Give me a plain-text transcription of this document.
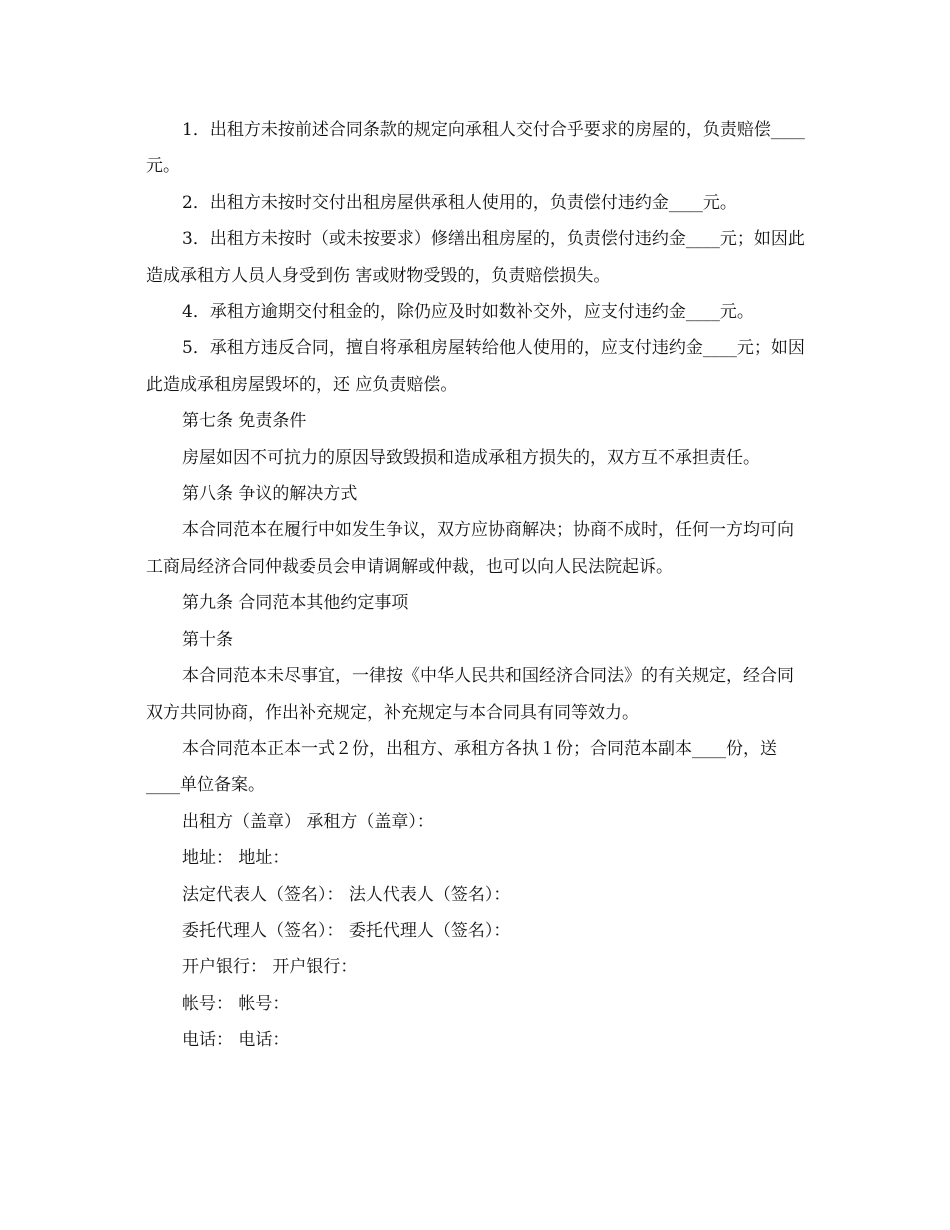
1．出租方未按前述合同条款的规定向承租人交付合乎要求的房屋的，负责赔偿____元。

2．出租方未按时交付出租房屋供承租人使用的，负责偿付违约金____元。

3．出租方未按时（或未按要求）修缮出租房屋的，负责偿付违约金____元；如因此造成承租方人员人身受到伤 害或财物受毁的，负责赔偿损失。

4．承租方逾期交付租金的，除仍应及时如数补交外，应支付违约金____元。

5．承租方违反合同，擅自将承租房屋转给他人使用的，应支付违约金____元；如因此造成承租房屋毁坏的，还 应负责赔偿。

第七条 免责条件

房屋如因不可抗力的原因导致毁损和造成承租方损失的，双方互不承担责任。

第八条 争议的解决方式

本合同范本在履行中如发生争议，双方应协商解决；协商不成时，任何一方均可向工商局经济合同仲裁委员会申请调解或仲裁，也可以向人民法院起诉。

第九条 合同范本其他约定事项

第十条

本合同范本未尽事宜，一律按《中华人民共和国经济合同法》的有关规定，经合同双方共同协商，作出补充规定，补充规定与本合同具有同等效力。

本合同范本正本一式２份，出租方、承租方各执１份；合同范本副本____份，送____单位备案。

出租方（盖章） 承租方（盖章）：

地址： 地址：

法定代表人（签名）： 法人代表人（签名）：

委托代理人（签名）： 委托代理人（签名）：

开户银行： 开户银行：

帐号： 帐号：

电话： 电话：
